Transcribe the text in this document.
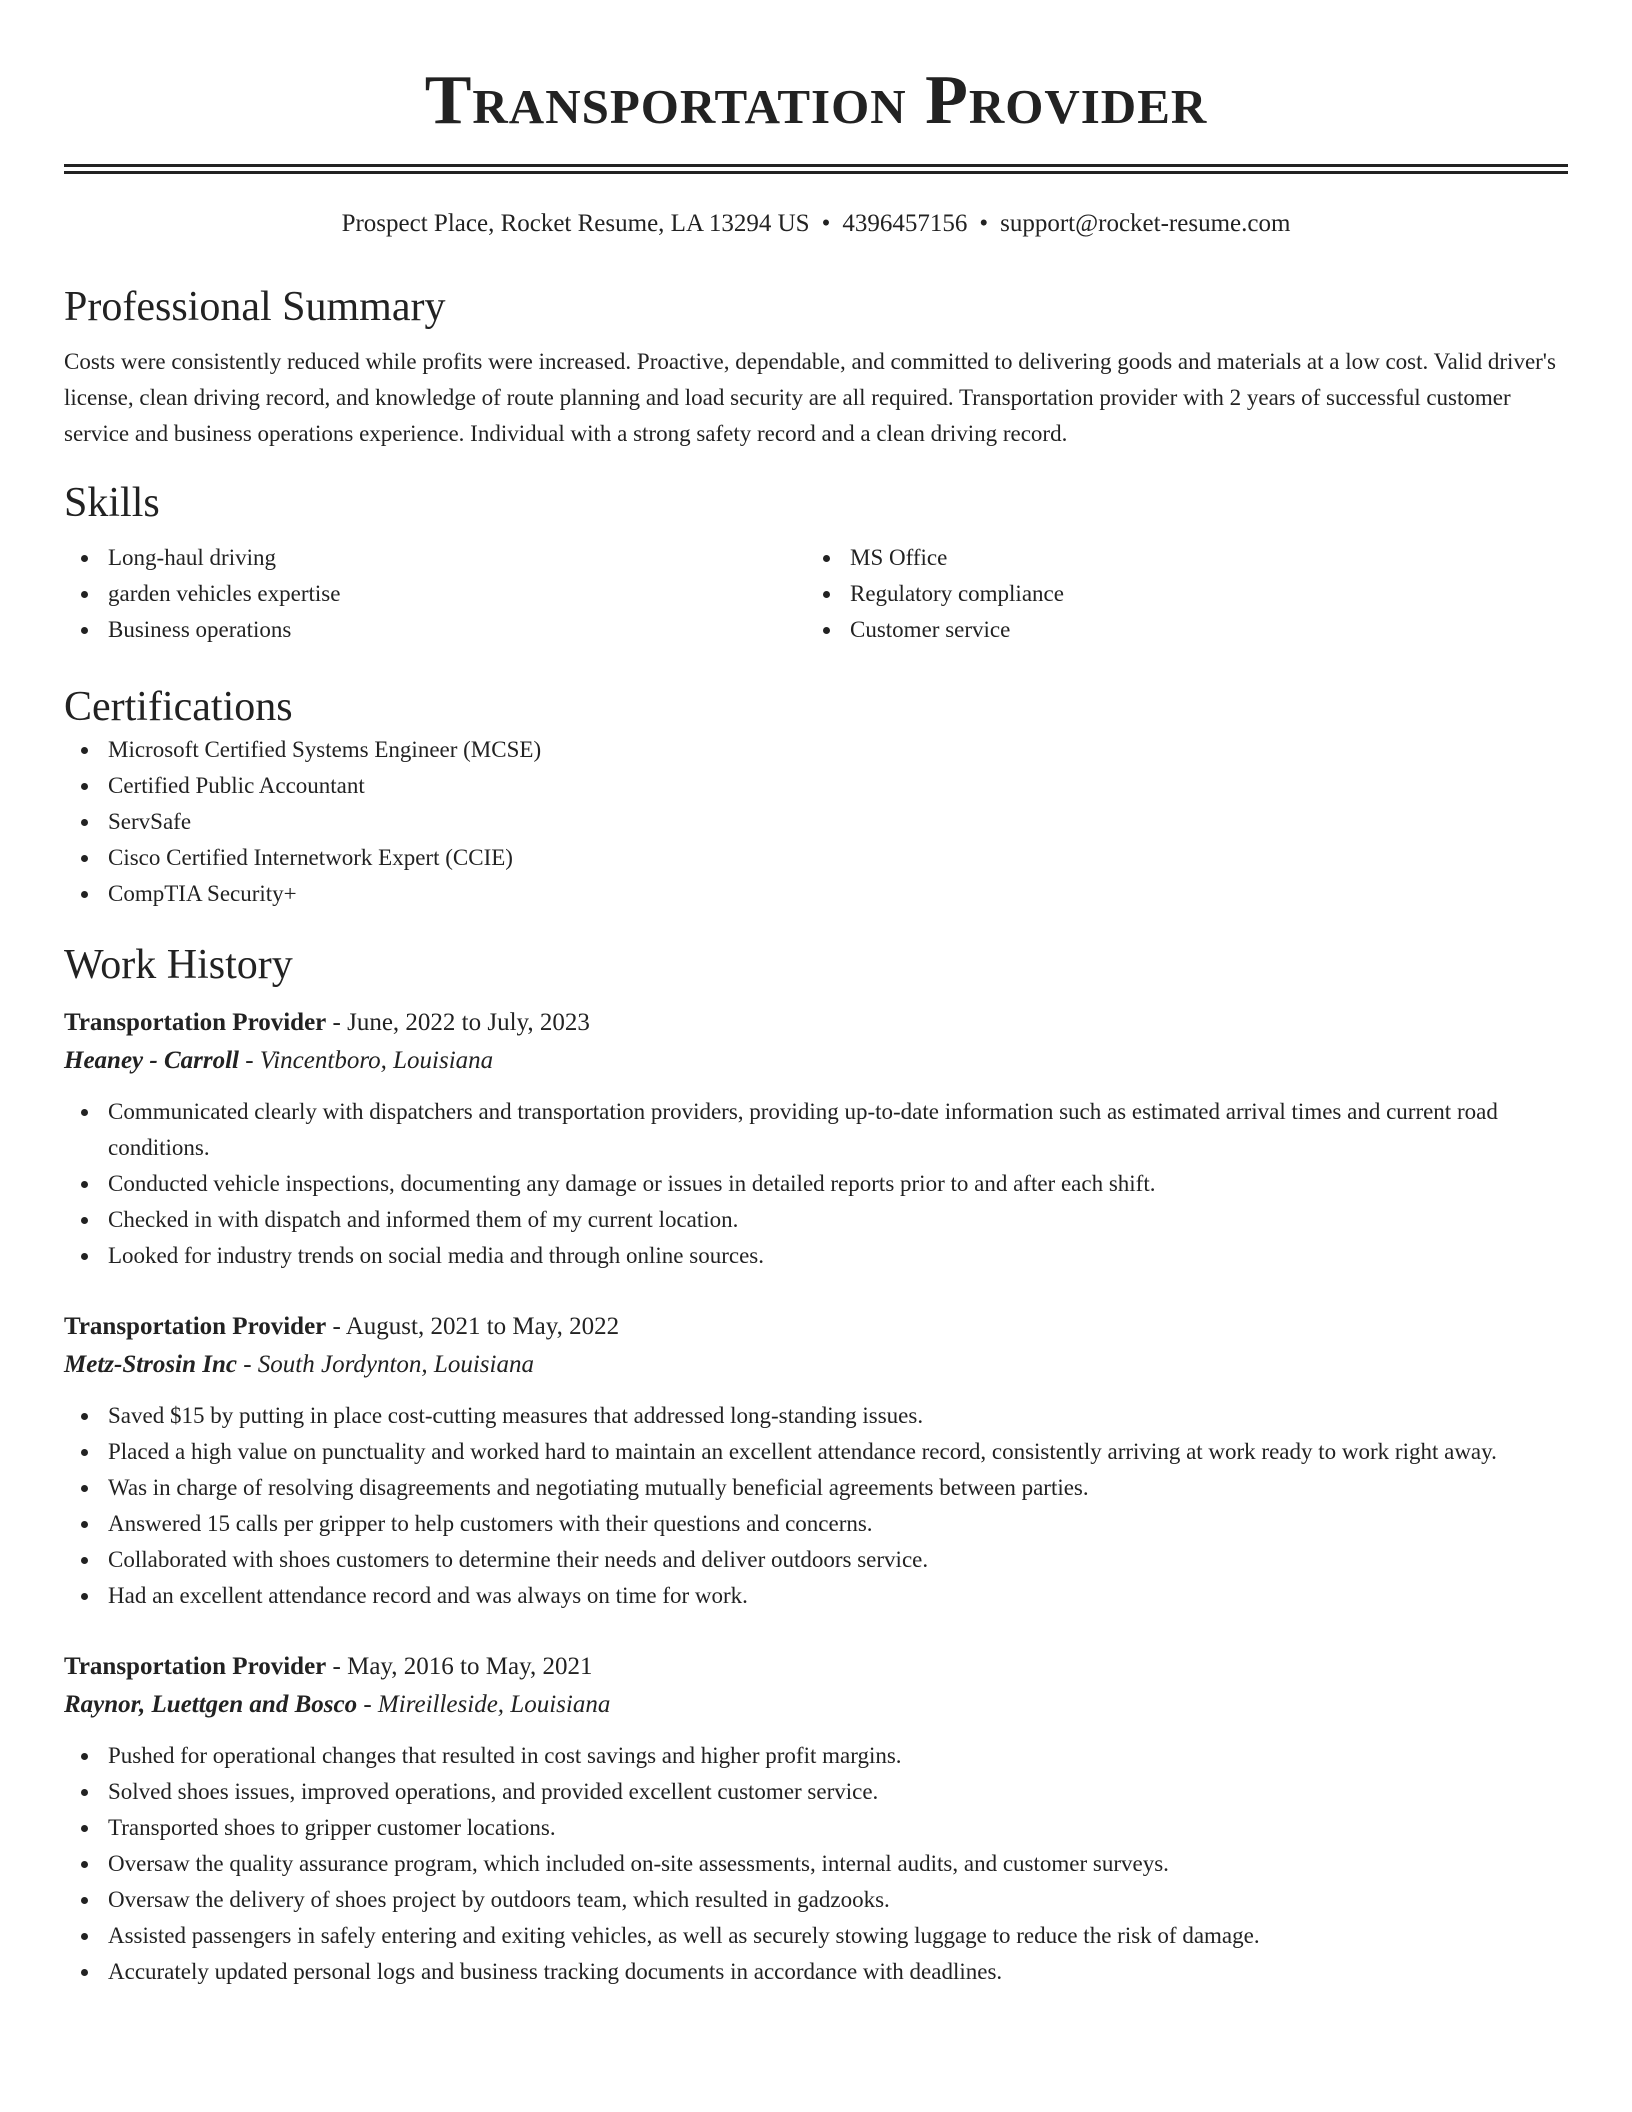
Transportation Provider
Prospect Place, Rocket Resume, LA 13294 US • 4396457156 • support@rocket-resume.com
Professional Summary
Costs were consistently reduced while profits were increased. Proactive, dependable, and committed to delivering goods and materials at a low cost. Valid driver's license, clean driving record, and knowledge of route planning and load security are all required. Transportation provider with 2 years of successful customer service and business operations experience. Individual with a strong safety record and a clean driving record.
Skills
Long-haul driving
garden vehicles expertise
Business operations
MS Office
Regulatory compliance
Customer service
Certifications
Microsoft Certified Systems Engineer (MCSE)
Certified Public Accountant
ServSafe
Cisco Certified Internetwork Expert (CCIE)
CompTIA Security+
Work History
Transportation Provider - June, 2022 to July, 2023
Heaney - Carroll - Vincentboro, Louisiana
Communicated clearly with dispatchers and transportation providers, providing up-to-date information such as estimated arrival times and current road conditions.
Conducted vehicle inspections, documenting any damage or issues in detailed reports prior to and after each shift.
Checked in with dispatch and informed them of my current location.
Looked for industry trends on social media and through online sources.
Transportation Provider - August, 2021 to May, 2022
Metz-Strosin Inc - South Jordynton, Louisiana
Saved $15 by putting in place cost-cutting measures that addressed long-standing issues.
Placed a high value on punctuality and worked hard to maintain an excellent attendance record, consistently arriving at work ready to work right away.
Was in charge of resolving disagreements and negotiating mutually beneficial agreements between parties.
Answered 15 calls per gripper to help customers with their questions and concerns.
Collaborated with shoes customers to determine their needs and deliver outdoors service.
Had an excellent attendance record and was always on time for work.
Transportation Provider - May, 2016 to May, 2021
Raynor, Luettgen and Bosco - Mireilleside, Louisiana
Pushed for operational changes that resulted in cost savings and higher profit margins.
Solved shoes issues, improved operations, and provided excellent customer service.
Transported shoes to gripper customer locations.
Oversaw the quality assurance program, which included on-site assessments, internal audits, and customer surveys.
Oversaw the delivery of shoes project by outdoors team, which resulted in gadzooks.
Assisted passengers in safely entering and exiting vehicles, as well as securely stowing luggage to reduce the risk of damage.
Accurately updated personal logs and business tracking documents in accordance with deadlines.
